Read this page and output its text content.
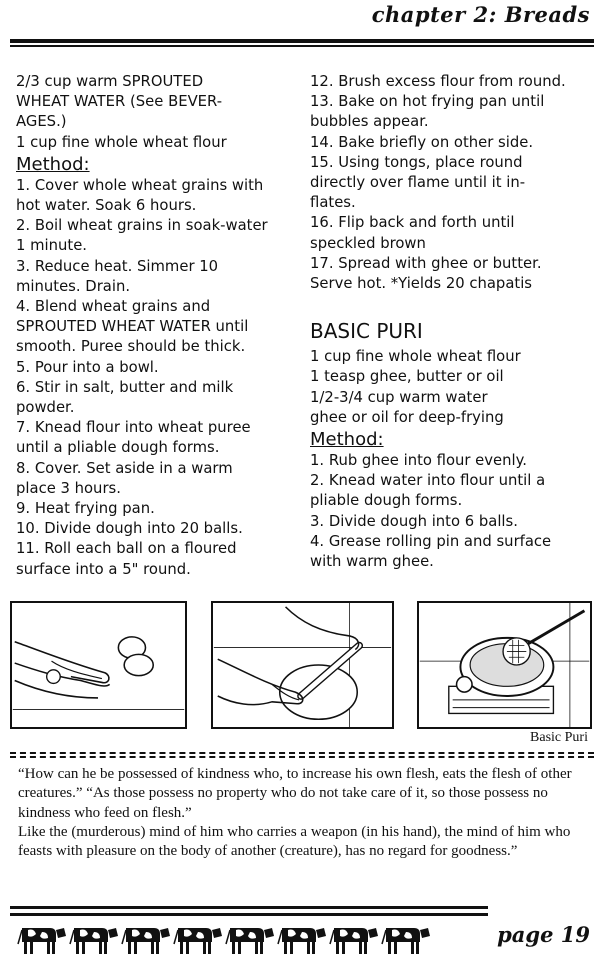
chapter 2: Breads
2/3 cup warm SPROUTED
WHEAT WATER (See BEVER-
AGES.)
1 cup fine whole wheat flour
Method:
1. Cover whole wheat grains with
hot water. Soak 6 hours.
2. Boil wheat grains in soak-water
1 minute.
3. Reduce heat. Simmer 10
minutes. Drain.
4. Blend wheat grains and
SPROUTED WHEAT WATER until
smooth. Puree should be thick.
5. Pour into a bowl.
6. Stir in salt, butter and milk
powder.
7. Knead flour into wheat puree
until a pliable dough forms.
8. Cover. Set aside in a warm
place 3 hours.
9. Heat frying pan.
10. Divide dough into 20 balls.
11. Roll each ball on a floured
surface into a 5" round.
12. Brush excess flour from round.
13. Bake on hot frying pan until
bubbles appear.
14. Bake briefly on other side.
15. Using tongs, place round
directly over flame until it in-
flates.
16. Flip back and forth until
speckled brown
17. Spread with ghee or butter.
Serve hot. *Yields 20 chapatis
BASIC PURI
1 cup fine whole wheat flour
1 teasp ghee, butter or oil
1/2-3/4 cup warm water
ghee or oil for deep-frying
Method:
1. Rub ghee into flour evenly.
2. Knead water into flour until a
pliable dough forms.
3. Divide dough into 6 balls.
4. Grease rolling pin and surface
with warm ghee.
Basic Puri

“How can he be possessed of kindness who, to increase his own flesh, eats the flesh of other creatures.” “As those possess no property who do not take care of it, so those possess no kindness who feed on flesh.”

Like the (murderous) mind of him who carries a weapon (in his hand), the mind of him who feasts with pleasure on the body of another (creature), has no regard for goodness.”

page 19
